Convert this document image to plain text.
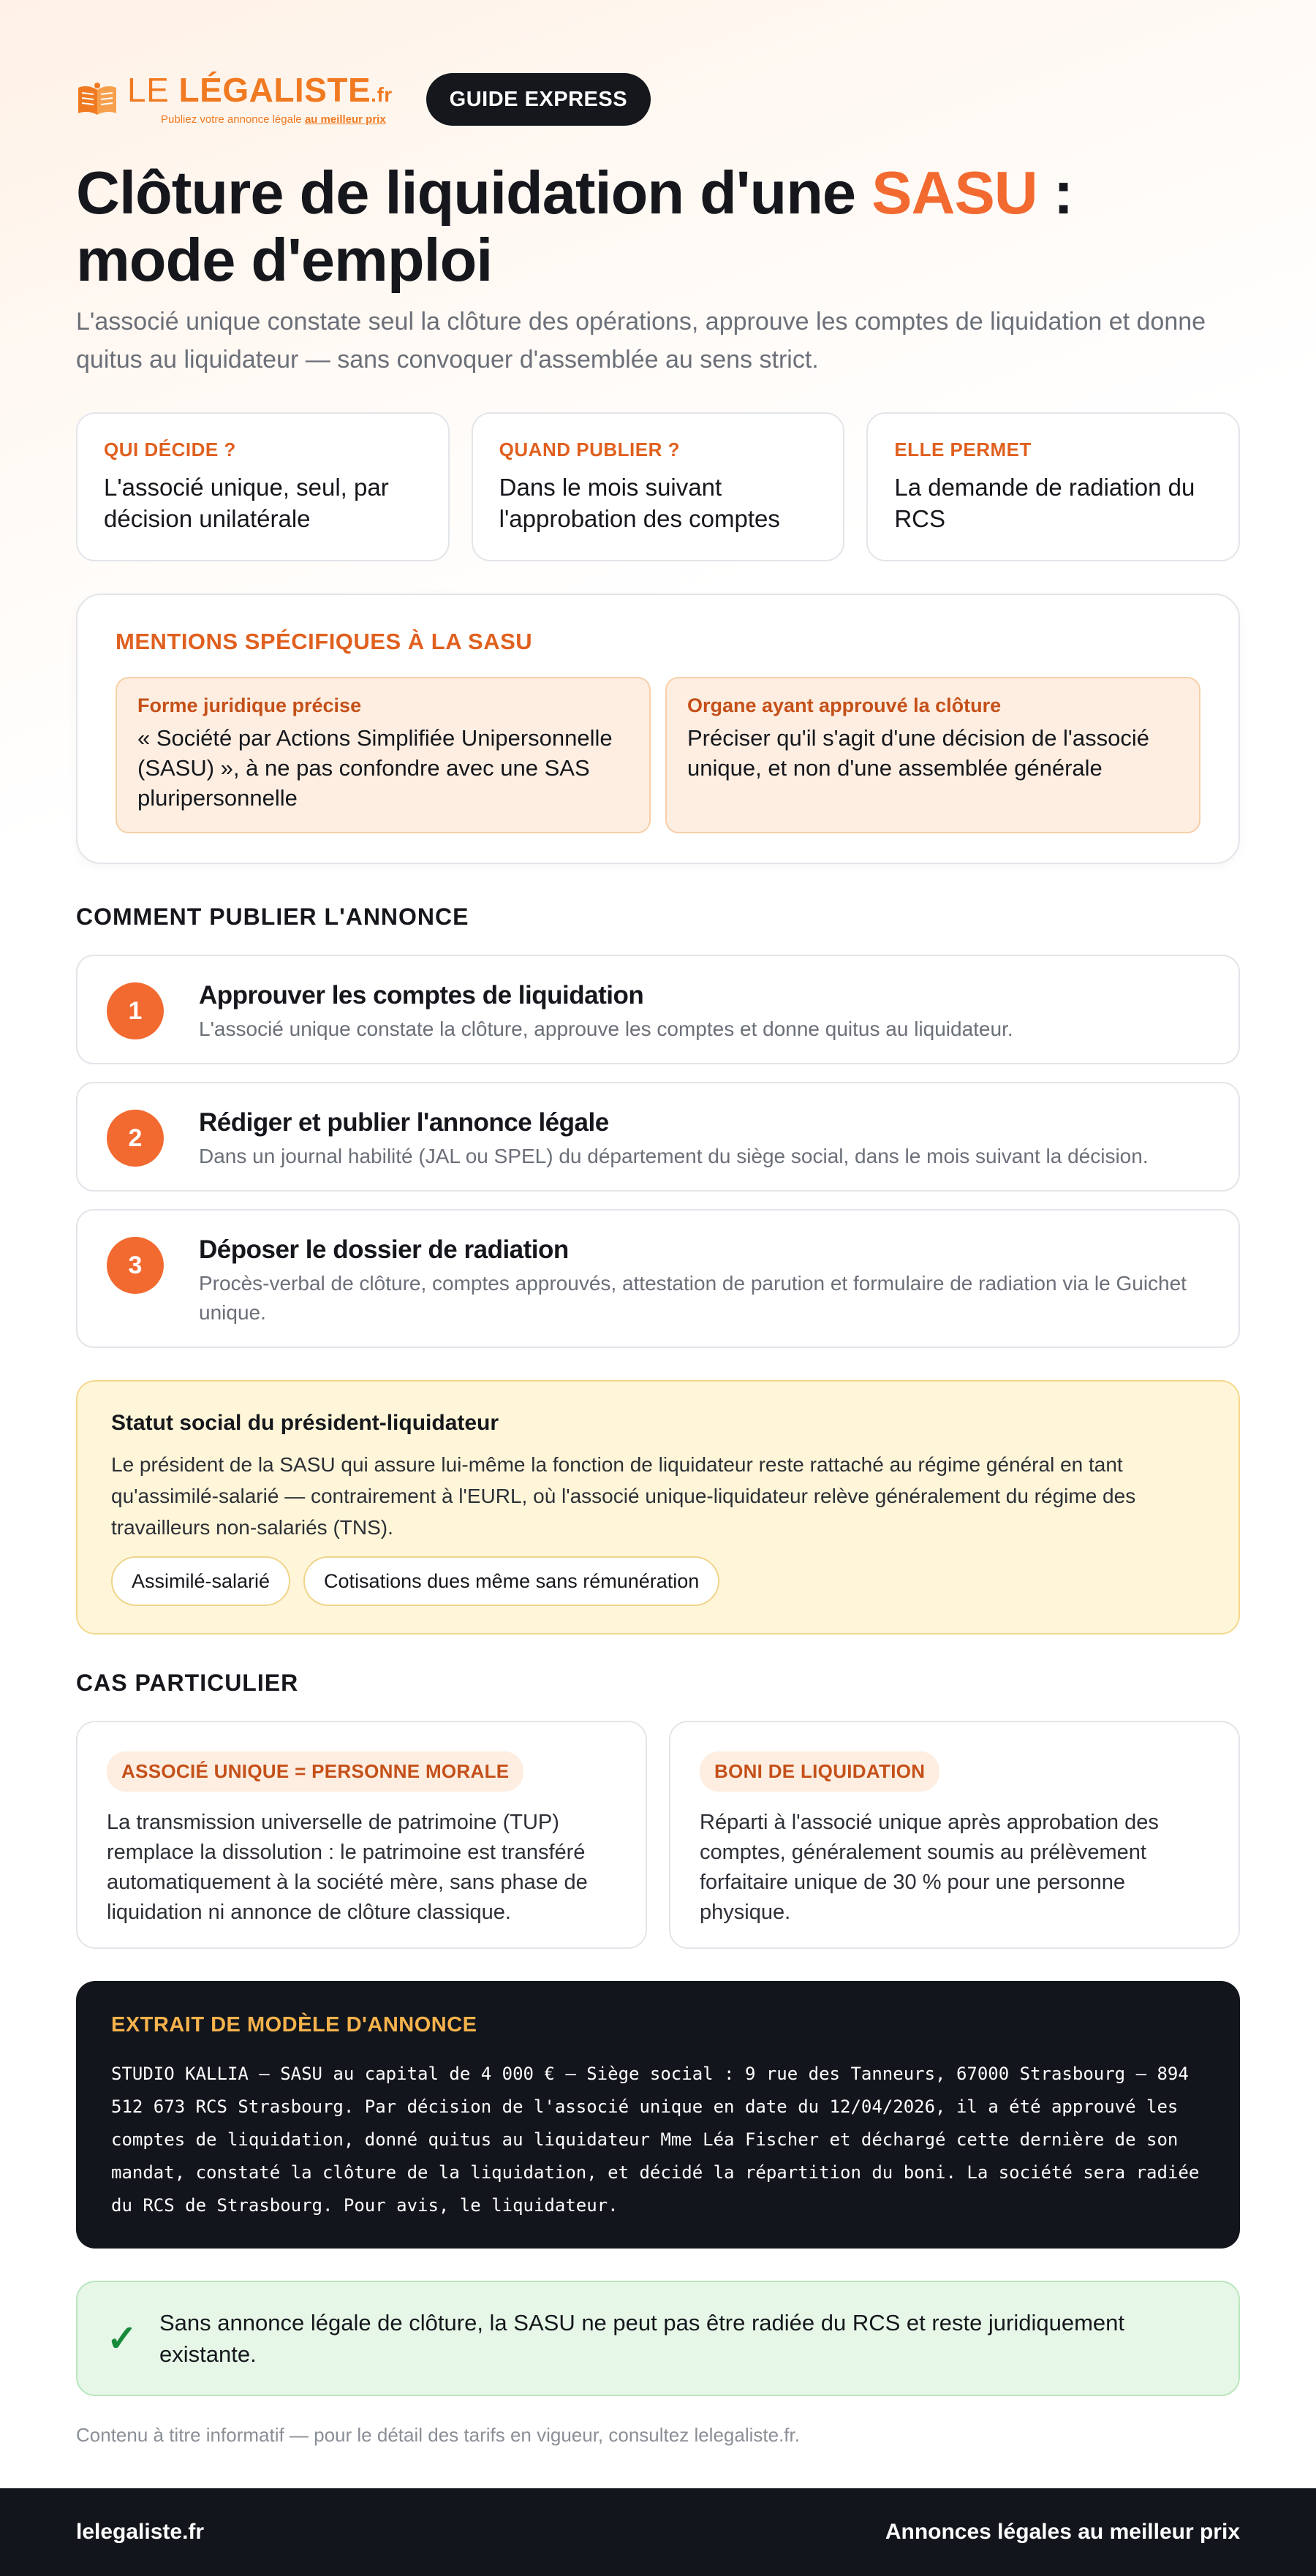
LE LÉGALISTE.fr
Publiez votre annonce légale au meilleur prix
GUIDE EXPRESS
Clôture de liquidation d'une SASU : mode d'emploi

L'associé unique constate seul la clôture des opérations, approuve les comptes de liquidation et donne quitus au liquidateur — sans convoquer d'assemblée au sens strict.

QUI DÉCIDE ?
L'associé unique, seul, par décision unilatérale
QUAND PUBLIER ?
Dans le mois suivant l'approbation des comptes
ELLE PERMET
La demande de radiation du RCS
MENTIONS SPÉCIFIQUES À LA SASU
Forme juridique précise
« Société par Actions Simplifiée Unipersonnelle (SASU) », à ne pas confondre avec une SAS pluripersonnelle
Organe ayant approuvé la clôture
Préciser qu'il s'agit d'une décision de l'associé unique, et non d'une assemblée générale
COMMENT PUBLIER L'ANNONCE
1
Approuver les comptes de liquidation
L'associé unique constate la clôture, approuve les comptes et donne quitus au liquidateur.
2
Rédiger et publier l'annonce légale
Dans un journal habilité (JAL ou SPEL) du département du siège social, dans le mois suivant la décision.
3
Déposer le dossier de radiation
Procès-verbal de clôture, comptes approuvés, attestation de parution et formulaire de radiation via le Guichet unique.
Statut social du président-liquidateur
Le président de la SASU qui assure lui-même la fonction de liquidateur reste rattaché au régime général en tant qu'assimilé-salarié — contrairement à l'EURL, où l'associé unique-liquidateur relève généralement du régime des travailleurs non-salariés (TNS).
Assimilé-salarié	Cotisations dues même sans rémunération
CAS PARTICULIER
ASSOCIÉ UNIQUE = PERSONNE MORALE
La transmission universelle de patrimoine (TUP) remplace la dissolution : le patrimoine est transféré automatiquement à la société mère, sans phase de liquidation ni annonce de clôture classique.
BONI DE LIQUIDATION
Réparti à l'associé unique après approbation des comptes, généralement soumis au prélèvement forfaitaire unique de 30 % pour une personne physique.
EXTRAIT DE MODÈLE D'ANNONCE
STUDIO KALLIA — SASU au capital de 4 000 € — Siège social : 9 rue des Tanneurs, 67000 Strasbourg — 894 512 673 RCS Strasbourg. Par décision de l'associé unique en date du 12/04/2026, il a été approuvé les comptes de liquidation, donné quitus au liquidateur Mme Léa Fischer et déchargé cette dernière de son mandat, constaté la clôture de la liquidation, et décidé la répartition du boni. La société sera radiée du RCS de Strasbourg. Pour avis, le liquidateur.
✓ Sans annonce légale de clôture, la SASU ne peut pas être radiée du RCS et reste juridiquement existante.

Contenu à titre informatif — pour le détail des tarifs en vigueur, consultez lelegaliste.fr.

lelegaliste.fr	Annonces légales au meilleur prix
